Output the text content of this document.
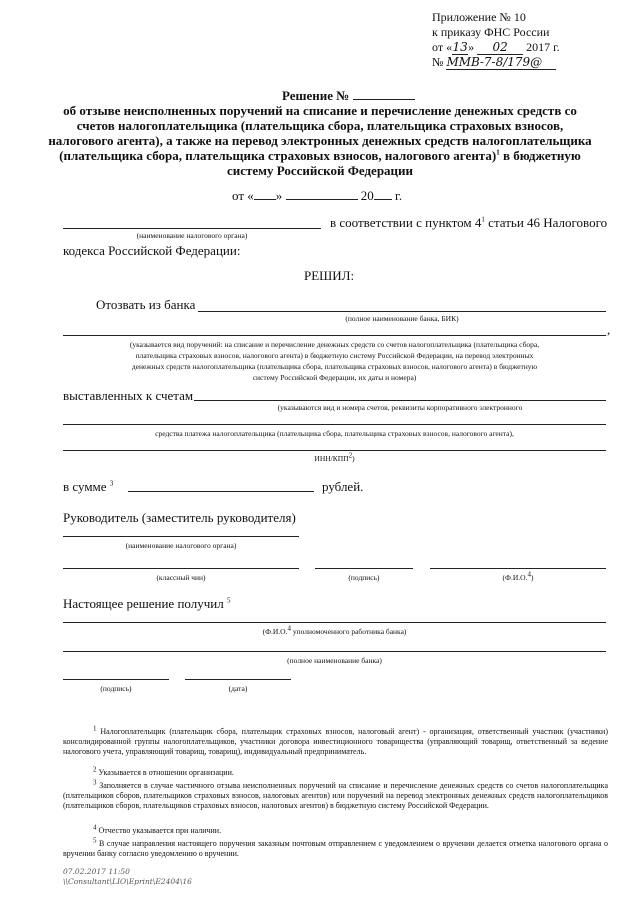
Приложение № 10
к приказу ФНС России
от «13» 02 2017 г.
№ ММВ-7-8/179@
Решение №
об отзыве неисполненных поручений на списание и перечисление денежных средств со
счетов налогоплательщика (плательщика сбора, плательщика страховых взносов,
налогового агента), а также на перевод электронных денежных средств налогоплательщика
(плательщика сбора, плательщика страховых взносов, налогового агента)$^1$ в бюджетную
систему Российской Федерации
от « »	20 г.
(наименование налогового органа)
в соответствии с пунктом $4^1$ статьи 46 Налогового
кодекса Российской Федерации:
РЕШИЛ:
Отозвать из банка
(полное наименование банка, БИК)
,
(указывается вид поручений: на списание и перечисление денежных средств со счетов налогоплательщика (плательщика сбора,
плательщика страховых взносов, налогового агента) в бюджетную систему Российской Федерации, на перевод электронных
денежных средств налогоплательщика (плательщика сбора, плательщика страховых взносов, налогового агента) в бюджетную
систему Российской Федерации, их даты и номера)
выставленных к счетам
(указываются вид и номера счетов, реквизиты корпоративного электронного
средства платежа налогоплательщика (плательщика сбора, плательщика страховых взносов, налогового агента),
ИНН/КПП$^2$)
в сумме $^3$	рублей.
Руководитель (заместитель руководителя)
(наименование налогового органа)
(классный чин)	(подпись)	(Ф.И.О.$^4$)
Настоящее решение получил $^5$
(Ф.И.О.$^4$ уполномоченного работника банка)
(полное наименование банка)
(подпись)	(дата)
$^1$ Налогоплательщик (плательщик сбора, плательщик страховых взносов, налоговый агент) - организация, ответственный участник (участники) консолидированной группы налогоплательщиков, участники договора инвестиционного товарищества (управляющий товарищ, ответственный за ведение налогового учета, управляющий товарищ, товарищ), индивидуальный предприниматель.
$^2$ Указывается в отношении организации.
$^3$ Заполняется в случае частичного отзыва неисполненных поручений на списание и перечисление денежных средств со счетов налогоплательщика (плательщиков сборов, плательщиков страховых взносов, налоговых агентов) или поручений на перевод электронных денежных средств налогоплательщиков (плательщиков сборов, плательщиков страховых взносов, налоговых агентов) в бюджетную систему Российской Федерации.
$^4$ Отчество указывается при наличии.
$^5$ В случае направления настоящего поручения заказным почтовым отправлением с уведомлением о вручении делается отметка налогового органа о вручении банку согласно уведомлению о вручении.
07.02.2017 11:50
\\Consultant\LIO\Eprint\E2404\16
